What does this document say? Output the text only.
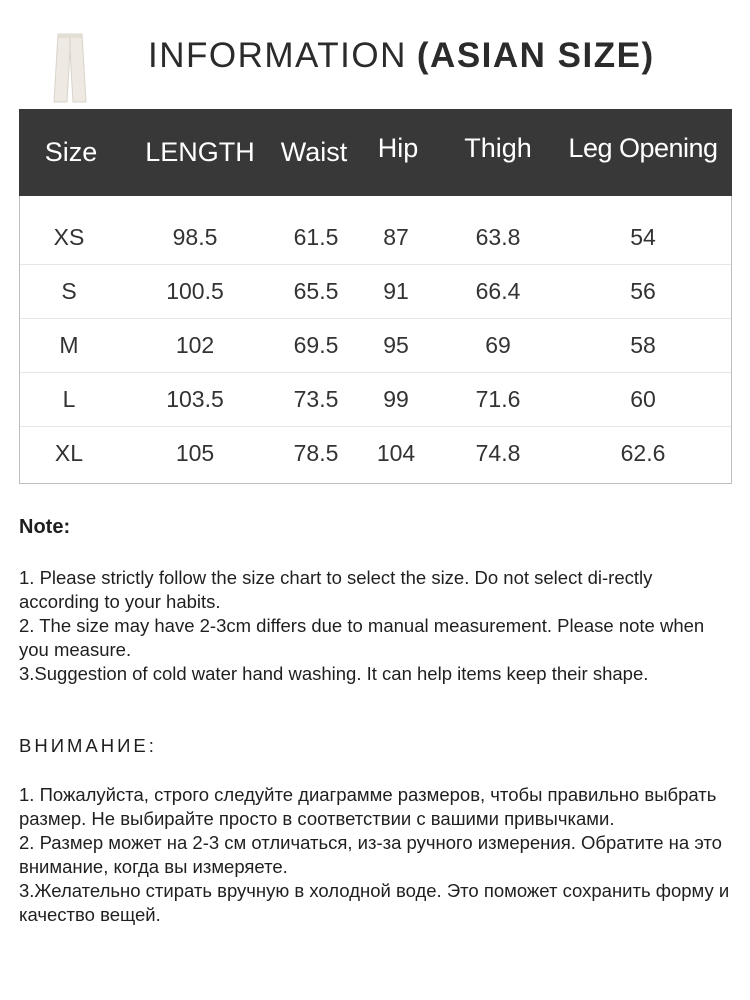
INFORMATION (ASIAN SIZE)
Size LENGTH Waist Hip Thigh Leg Opening
XS	98.5	61.5 87	63.8	54
S	100.5	65.5 91	66.4	56
M	102	69.5 95	69	58
L	103.5	73.5 99	71.6	60
XL	105	78.5 104	74.8	62.6
Note:

1. Please strictly follow the size chart to select the size. Do not select di-rectly according to your habits.

2. The size may have 2-3cm differs due to manual measurement. Please note when you measure.

3.Suggestion of cold water hand washing. It can help items keep their shape.

ВНИМАНИЕ:

1. Пожалуйста, строго следуйте диаграмме размеров, чтобы правильно выбрать размер. Не выбирайте просто в соответствии с вашими привычками.

2. Размер может на 2-3 см отличаться, из-за ручного измерения. Обратите на это внимание, когда вы измеряете.

3.Желательно стирать вручную в холодной воде. Это поможет сохранить форму и качество вещей.
